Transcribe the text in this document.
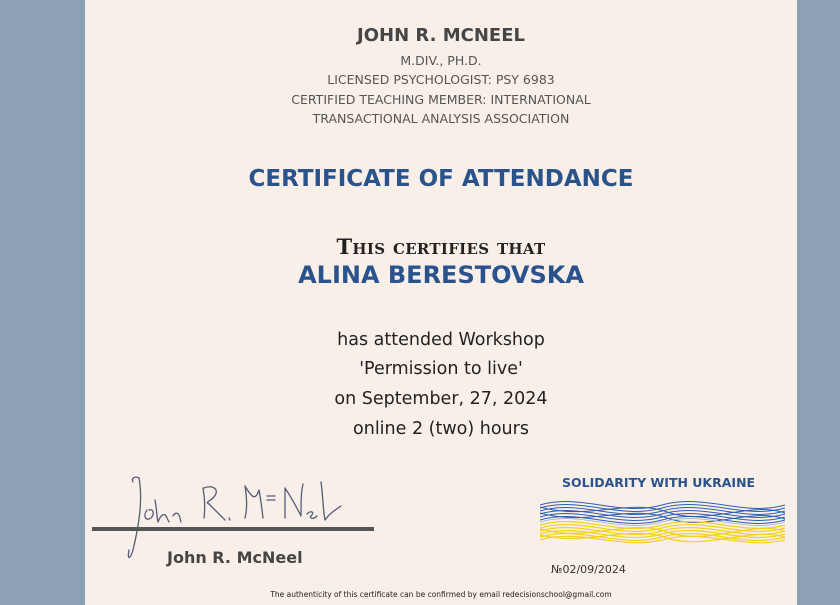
JOHN R. MCNEEL
M.DIV., PH.D.
LICENSED PSYCHOLOGIST: PSY 6983
CERTIFIED TEACHING MEMBER: INTERNATIONAL
TRANSACTIONAL ANALYSIS ASSOCIATION
CERTIFICATE OF ATTENDANCE
This certifies that
ALINA BERESTOVSKA
has attended Workshop
'Permission to live'
on September, 27, 2024
online 2 (two) hours
John R. McNeel
SOLIDARITY WITH UKRAINE
№02/09/2024
The authenticity of this certificate can be confirmed by email redecisionschool@gmail.com
